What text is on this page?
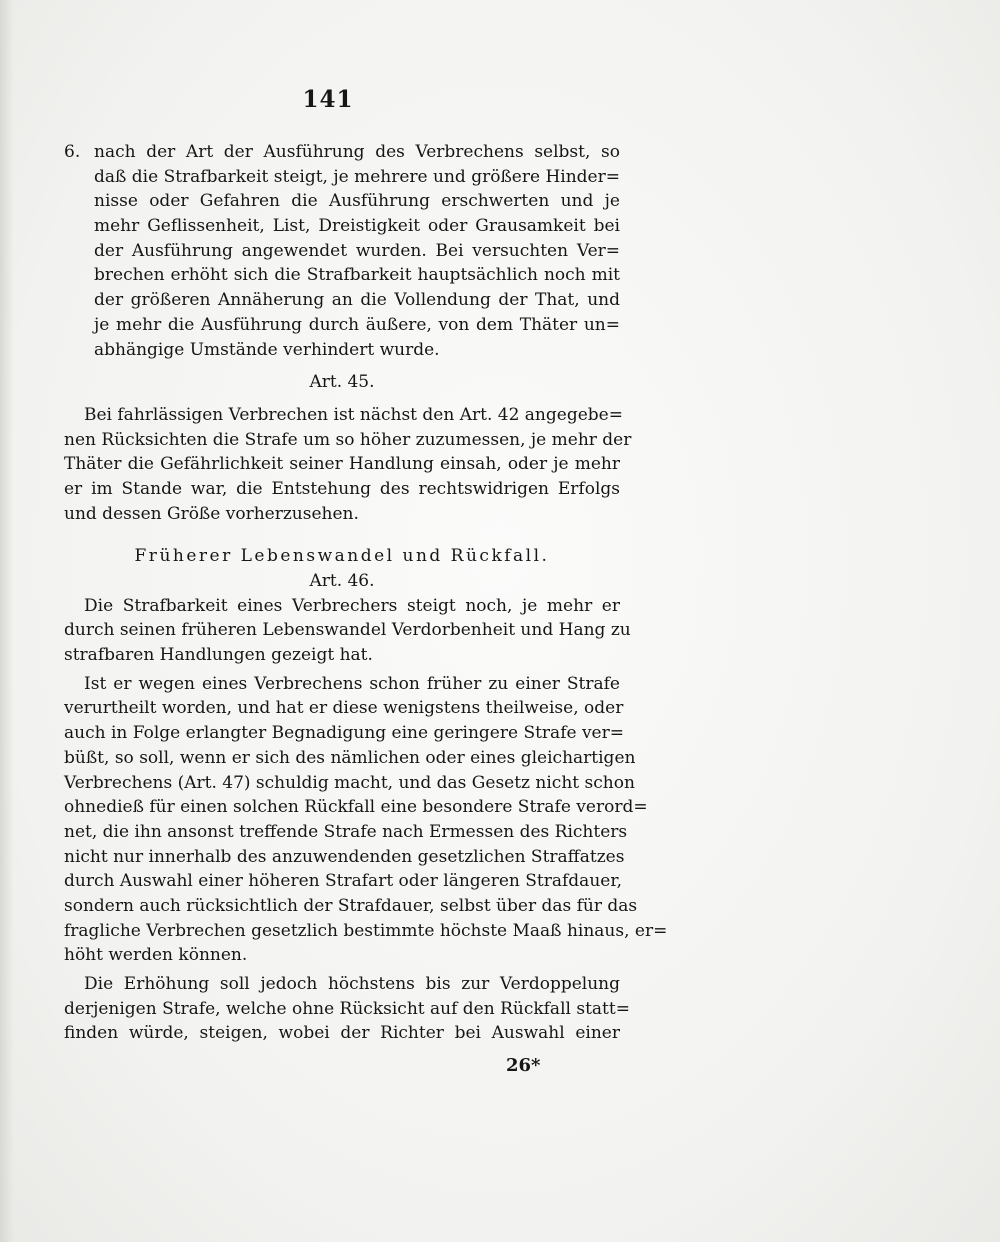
141
6. nach der Art der Ausführung des Verbrechens selbst, so
daß die Strafbarkeit steigt, je mehrere und größere Hinder=
nisse oder Gefahren die Ausführung erschwerten und je
mehr Geflissenheit, List, Dreistigkeit oder Grausamkeit bei
der Ausführung angewendet wurden. Bei versuchten Ver=
brechen erhöht sich die Strafbarkeit hauptsächlich noch mit
der größeren Annäherung an die Vollendung der That, und
je mehr die Ausführung durch äußere, von dem Thäter un=
abhängige Umstände verhindert wurde.
Art. 45.
Bei fahrlässigen Verbrechen ist nächst den Art. 42 angegebe=
nen Rücksichten die Strafe um so höher zuzumessen, je mehr der
Thäter die Gefährlichkeit seiner Handlung einsah, oder je mehr
er im Stande war, die Entstehung des rechtswidrigen Erfolgs
und dessen Größe vorherzusehen.
Früherer Lebenswandel und Rückfall.
Art. 46.
Die Strafbarkeit eines Verbrechers steigt noch, je mehr er
durch seinen früheren Lebenswandel Verdorbenheit und Hang zu
strafbaren Handlungen gezeigt hat.
Ist er wegen eines Verbrechens schon früher zu einer Strafe
verurtheilt worden, und hat er diese wenigstens theilweise, oder
auch in Folge erlangter Begnadigung eine geringere Strafe ver=
büßt, so soll, wenn er sich des nämlichen oder eines gleichartigen
Verbrechens (Art. 47) schuldig macht, und das Gesetz nicht schon
ohnedieß für einen solchen Rückfall eine besondere Strafe verord=
net, die ihn ansonst treffende Strafe nach Ermessen des Richters
nicht nur innerhalb des anzuwendenden gesetzlichen Straffatzes
durch Auswahl einer höheren Strafart oder längeren Strafdauer,
sondern auch rücksichtlich der Strafdauer, selbst über das für das
fragliche Verbrechen gesetzlich bestimmte höchste Maaß hinaus, er=
höht werden können.
Die Erhöhung soll jedoch höchstens bis zur Verdoppelung
derjenigen Strafe, welche ohne Rücksicht auf den Rückfall statt=
finden würde, steigen, wobei der Richter bei Auswahl einer
26*
